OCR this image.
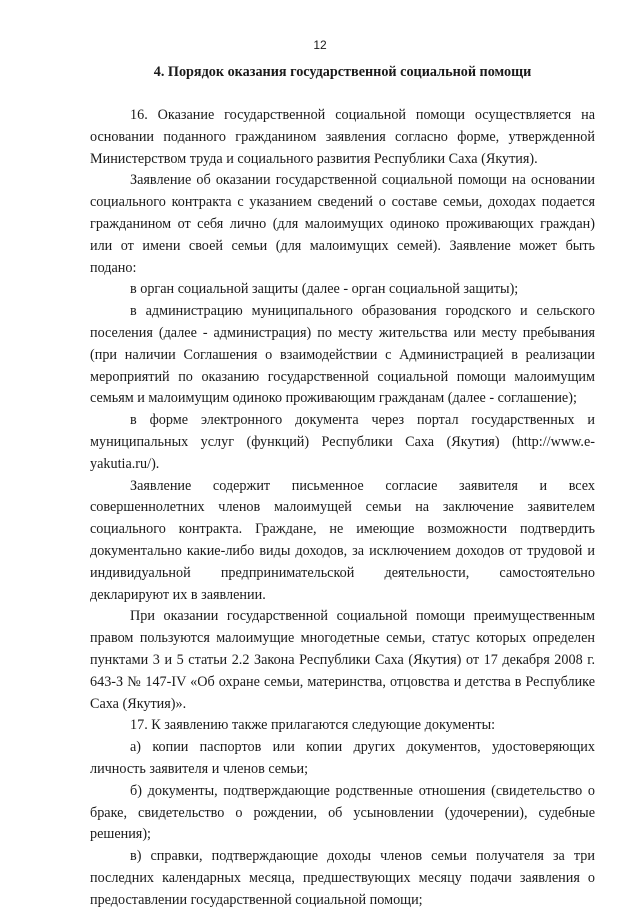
12
4. Порядок оказания государственной социальной помощи

16. Оказание государственной социальной помощи осуществляется на основании поданного гражданином заявления согласно форме, утвержденной Министерством труда и социального развития Республики Саха (Якутия).

Заявление об оказании государственной социальной помощи на основании социального контракта с указанием сведений о составе семьи, доходах подается гражданином от себя лично (для малоимущих одиноко проживающих граждан) или от имени своей семьи (для малоимущих семей). Заявление может быть подано:

в орган социальной защиты (далее - орган социальной защиты);

в администрацию муниципального образования городского и сельского поселения (далее - администрация) по месту жительства или месту пребывания (при наличии Соглашения о взаимодействии с Администрацией в реализации мероприятий по оказанию государственной социальной помощи малоимущим семьям и малоимущим одиноко проживающим гражданам (далее - соглашение);

в форме электронного документа через портал государственных и муниципальных услуг (функций) Республики Саха (Якутия) (http://www.e-yakutia.ru/).

Заявление содержит письменное согласие заявителя и всех совершеннолетних членов малоимущей семьи на заключение заявителем социального контракта. Граждане, не имеющие возможности подтвердить документально какие-либо виды доходов, за исключением доходов от трудовой и индивидуальной предпринимательской деятельности, самостоятельно декларируют их в заявлении.

При оказании государственной социальной помощи преимущественным правом пользуются малоимущие многодетные семьи, статус которых определен пунктами 3 и 5 статьи 2.2 Закона Республики Саха (Якутия) от 17 декабря 2008 г. 643-З № 147-IV «Об охране семьи, материнства, отцовства и детства в Республике Саха (Якутия)».

17. К заявлению также прилагаются следующие документы:

а) копии паспортов или копии других документов, удостоверяющих личность заявителя и членов семьи;

б) документы, подтверждающие родственные отношения (свидетельство о браке, свидетельство о рождении, об усыновлении (удочерении), судебные решения);

в) справки, подтверждающие доходы членов семьи получателя за три последних календарных месяца, предшествующих месяцу подачи заявления о предоставлении государственной социальной помощи;
